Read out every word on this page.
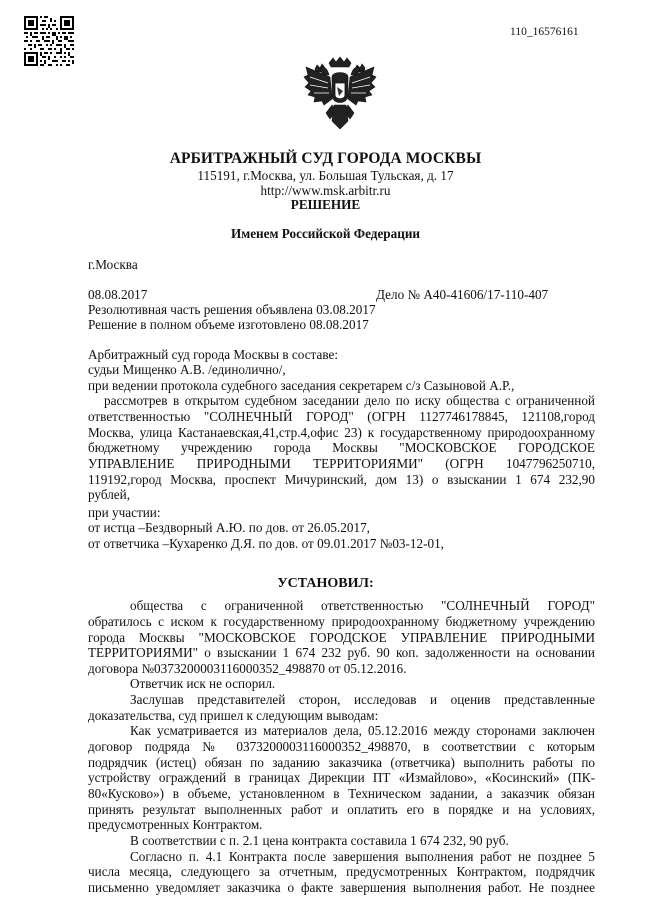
110_16576161
АРБИТРАЖНЫЙ СУД ГОРОДА МОСКВЫ
115191, г.Москва, ул. Большая Тульская, д. 17
http://www.msk.arbitr.ru
РЕШЕНИЕ
Именем Российской Федерации
г.Москва
08.08.2017	Дело № А40-41606/17-110-407
Резолютивная часть решения объявлена 03.08.2017
Решение в полном объеме изготовлено 08.08.2017
Арбитражный суд города Москвы в составе:
судьи Мищенко А.В. /единолично/,
при ведении протокола судебного заседания секретарем с/з Сазыновой А.Р.,
рассмотрев в открытом судебном заседании дело по иску общества с ограниченной
ответственностью "СОЛНЕЧНЫЙ ГОРОД" (ОГРН 1127746178845, 121108,город
Москва, улица Кастанаевская,41,стр.4,офис 23) к государственному природоохранному
бюджетному учреждению города Москвы "МОСКОВСКОЕ ГОРОДСКОЕ
УПРАВЛЕНИЕ ПРИРОДНЫМИ ТЕРРИТОРИЯМИ" (ОГРН 1047796250710,
119192,город Москва, проспект Мичуринский, дом 13) о взыскании 1 674 232,90
рублей,
при участии:
от истца –Бездворный А.Ю. по дов. от 26.05.2017,
от ответчика –Кухаренко Д.Я. по дов. от 09.01.2017 №03-12-01,
УСТАНОВИЛ:
общества с ограниченной ответственностью "СОЛНЕЧНЫЙ ГОРОД"
обратилось с иском к государственному природоохранному бюджетному учреждению
города Москвы "МОСКОВСКОЕ ГОРОДСКОЕ УПРАВЛЕНИЕ ПРИРОДНЫМИ
ТЕРРИТОРИЯМИ" о взыскании 1 674 232 руб. 90 коп. задолженности на основании
договора №0373200003116000352_498870 от 05.12.2016.
Ответчик иск не оспорил.
Заслушав представителей сторон, исследовав и оценив представленные
доказательства, суд пришел к следующим выводам:
Как усматривается из материалов дела, 05.12.2016 между сторонами заключен
договор подряда № 0373200003116000352_498870, в соответствии с которым
подрядчик (истец) обязан по заданию заказчика (ответчика) выполнить работы по
устройству ограждений в границах Дирекции ПТ «Измайлово», «Косинский» (ПК-
80«Кусково») в объеме, установленном в Техническом задании, а заказчик обязан
принять результат выполненных работ и оплатить его в порядке и на условиях,
предусмотренных Контрактом.
В соответствии с п. 2.1 цена контракта составила 1 674 232, 90 руб.
Согласно п. 4.1 Контракта после завершения выполнения работ не позднее 5
числа месяца, следующего за отчетным, предусмотренных Контрактом, подрядчик
письменно уведомляет заказчика о факте завершения выполнения работ. Не позднее
